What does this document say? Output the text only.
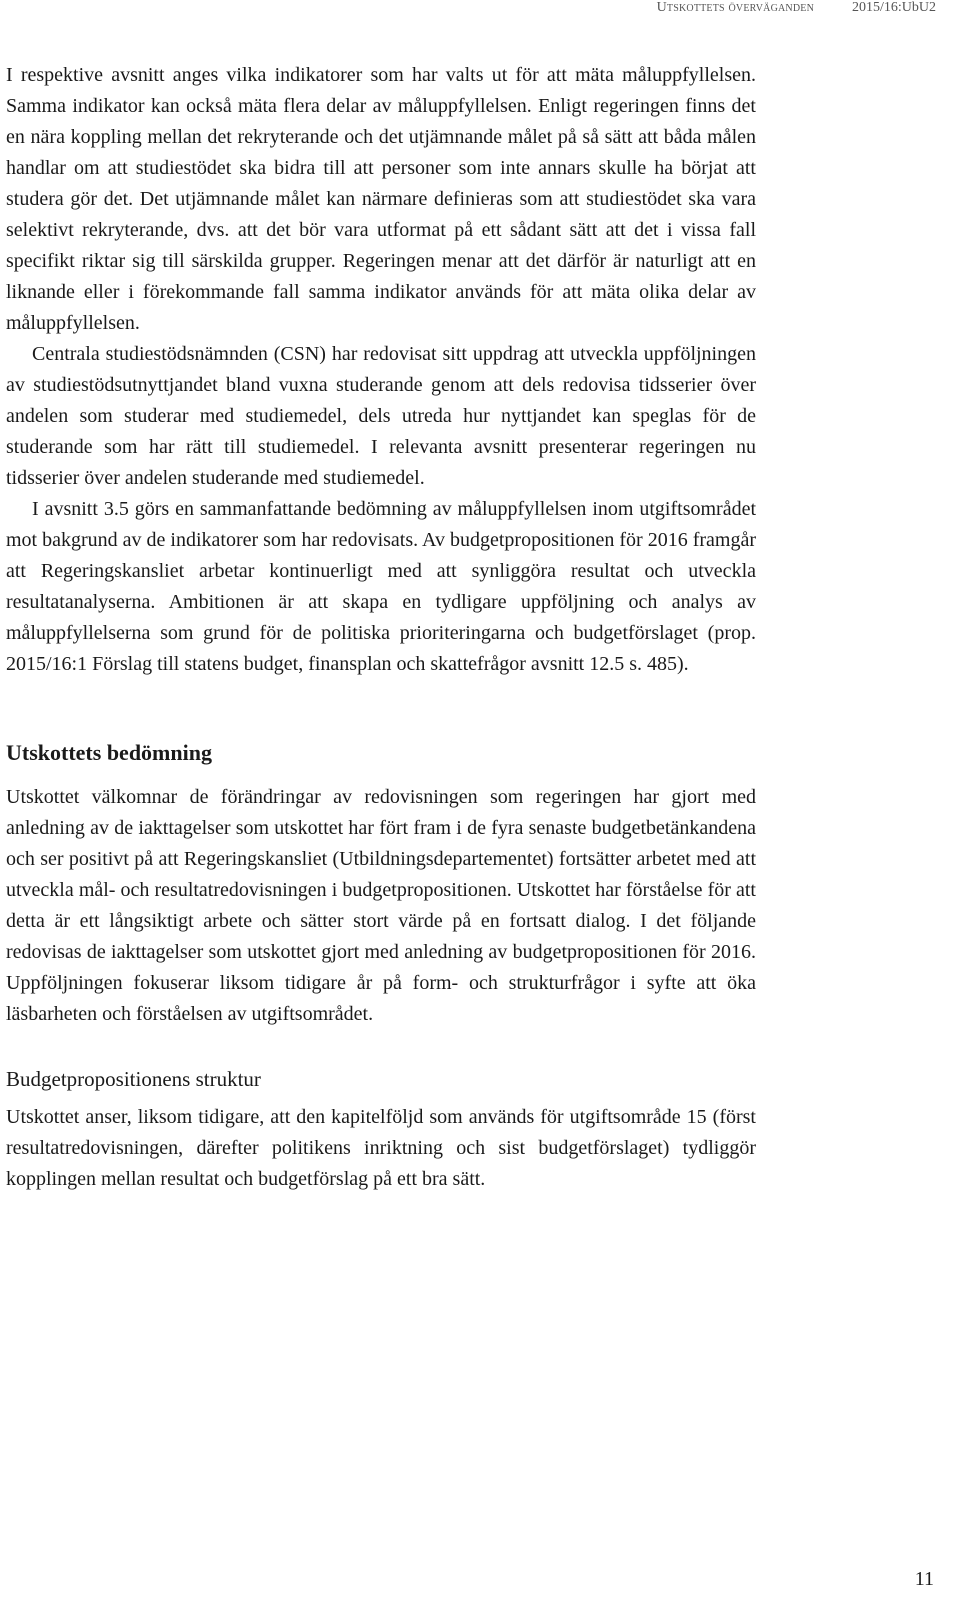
Utskottets överväganden	2015/16:UbU2

I respektive avsnitt anges vilka indikatorer som har valts ut för att mäta måluppfyllelsen. Samma indikator kan också mäta flera delar av måluppfyllelsen. Enligt regeringen finns det en nära koppling mellan det rekryterande och det utjämnande målet på så sätt att båda målen handlar om att studiestödet ska bidra till att personer som inte annars skulle ha börjat att studera gör det. Det utjämnande målet kan närmare definieras som att studiestödet ska vara selektivt rekryterande, dvs. att det bör vara utformat på ett sådant sätt att det i vissa fall specifikt riktar sig till särskilda grupper. Regeringen menar att det därför är naturligt att en liknande eller i förekommande fall samma indikator används för att mäta olika delar av måluppfyllelsen.

Centrala studiestödsnämnden (CSN) har redovisat sitt uppdrag att utveckla uppföljningen av studiestödsutnyttjandet bland vuxna studerande genom att dels redovisa tidsserier över andelen som studerar med studiemedel, dels utreda hur nyttjandet kan speglas för de studerande som har rätt till studiemedel. I relevanta avsnitt presenterar regeringen nu tidsserier över andelen studerande med studiemedel.

I avsnitt 3.5 görs en sammanfattande bedömning av måluppfyllelsen inom utgiftsområdet mot bakgrund av de indikatorer som har redovisats. Av budgetpropositionen för 2016 framgår att Regeringskansliet arbetar kontinuerligt med att synliggöra resultat och utveckla resultatanalyserna. Ambitionen är att skapa en tydligare uppföljning och analys av måluppfyllelserna som grund för de politiska prioriteringarna och budgetförslaget (prop. 2015/16:1 Förslag till statens budget, finansplan och skattefrågor avsnitt 12.5 s. 485).

Utskottets bedömning

Utskottet välkomnar de förändringar av redovisningen som regeringen har gjort med anledning av de iakttagelser som utskottet har fört fram i de fyra senaste budgetbetänkandena och ser positivt på att Regeringskansliet (Utbildningsdepartementet) fortsätter arbetet med att utveckla mål- och resultatredovisningen i budgetpropositionen. Utskottet har förståelse för att detta är ett långsiktigt arbete och sätter stort värde på en fortsatt dialog. I det följande redovisas de iakttagelser som utskottet gjort med anledning av budgetpropositionen för 2016. Uppföljningen fokuserar liksom tidigare år på form- och strukturfrågor i syfte att öka läsbarheten och förståelsen av utgiftsområdet.

Budgetpropositionens struktur

Utskottet anser, liksom tidigare, att den kapitelföljd som används för utgiftsområde 15 (först resultatredovisningen, därefter politikens inriktning och sist budgetförslaget) tydliggör kopplingen mellan resultat och budgetförslag på ett bra sätt.

11
